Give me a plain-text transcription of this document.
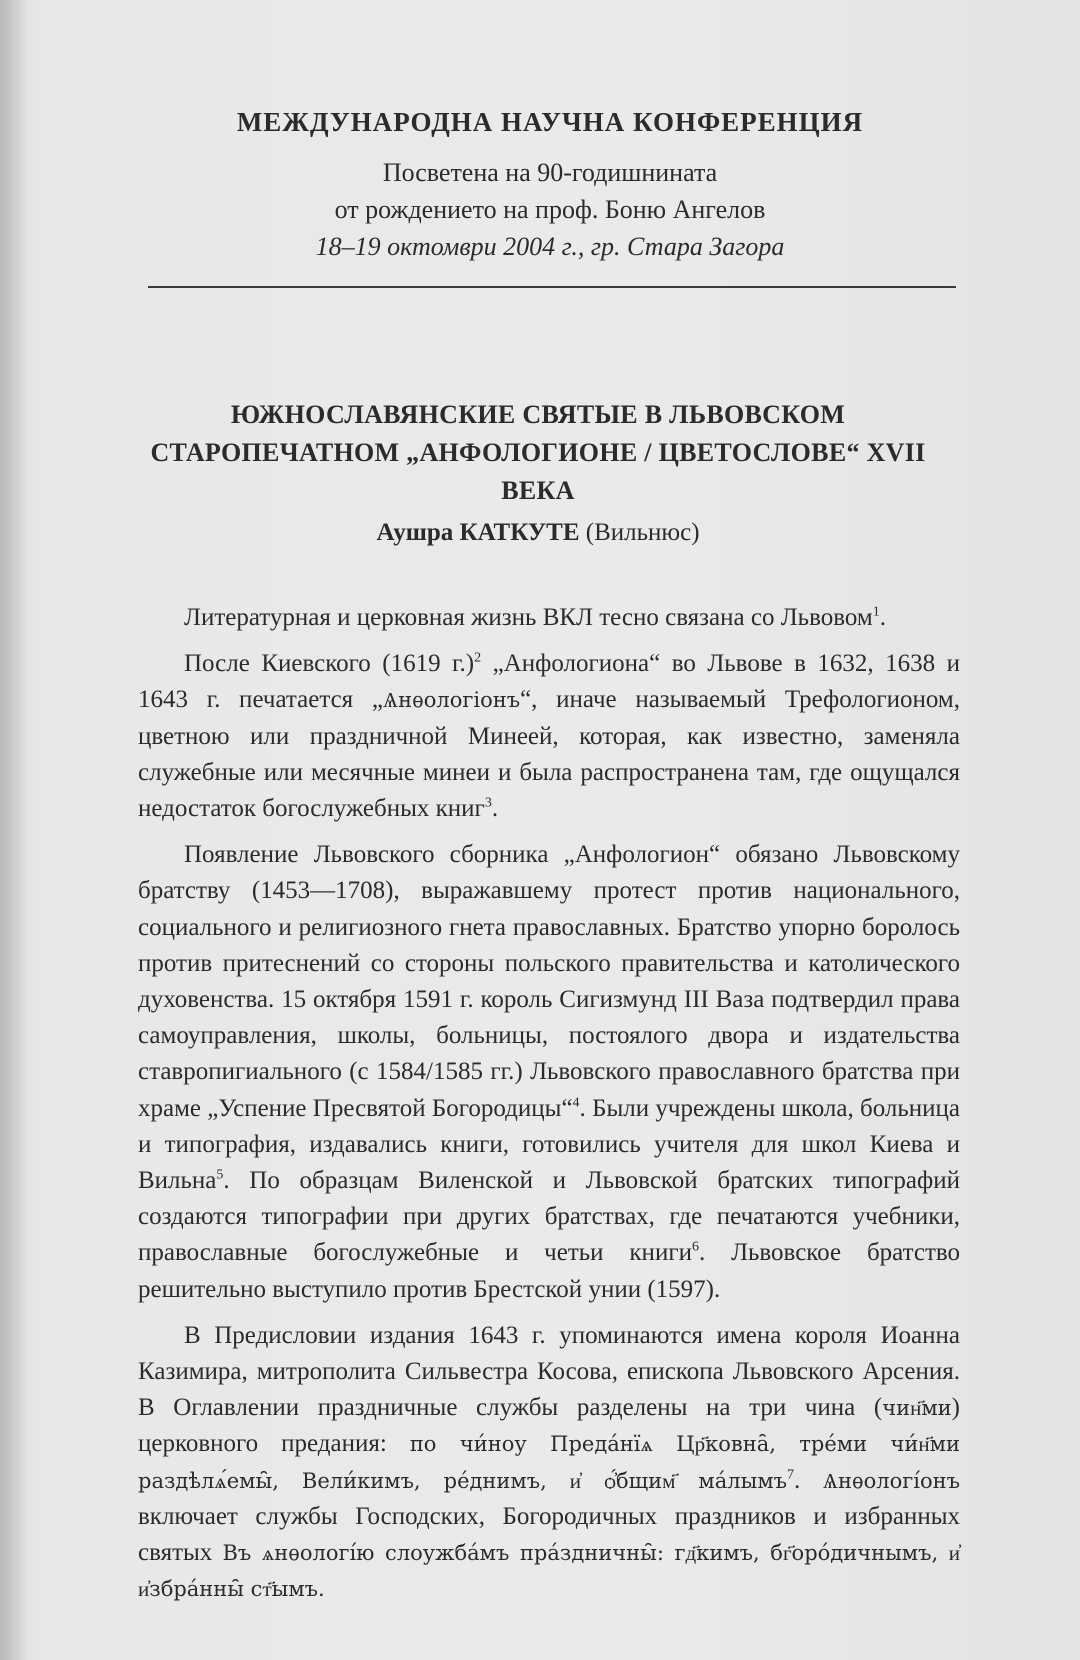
МЕЖДУНАРОДНА НАУЧНА КОНФЕРЕНЦИЯ
Посветена на 90-годишнината
от рождението на проф. Боню Ангелов
18–19 октомври 2004 г., гр. Стара Загора
ЮЖНОСЛАВЯНСКИЕ СВЯТЫЕ В ЛЬВОВСКОМ
СТАРОПЕЧАТНОМ „АНФОЛОГИОНЕ / ЦВЕТОСЛОВЕ“ XVII
ВЕКА
Аушра КАТКУТЕ (Вильнюс)

Литературная и церковная жизнь ВКЛ тесно связана со Львовом$^1$.

После Киевского (1619 г.)$^2$ „Анфологиона“ во Львове в 1632, 1638 и 1643 г. печатается „Ѧнѳологіонъ“, иначе называемый Трефологионом, цветною или праздничной Минеей, которая, как известно, заменяла служебные или месячные минеи и была распространена там, где ощущался недостаток богослужебных книг$^3$.

Появление Львовского сборника „Анфологион“ обязано Львовскому братству (1453—1708), выражавшему протест против национального, социального и религиозного гнета православных. Братство упорно боролось против притеснений со стороны польского правительства и католического духовенства. 15 октября 1591 г. король Сигизмунд III Ваза подтвердил права самоуправления, школы, больницы, постоялого двора и издательства ставропигиального (с 1584/1585 гг.) Львовского православного братства при храме „Успение Пресвятой Богородицы“$^4$. Были учреждены школа, больница и типография, издавались книги, готовились учителя для школ Киева и Вильна$^5$. По образцам Виленской и Львовской братских типографий создаются типографии при других братствах, где печатаются учебники, православные богослужебные и четьи книги$^6$. Львовское братство решительно выступило против Брестской унии (1597).

В Предисловии издания 1643 г. упоминаются имена короля Иоанна Казимира, митрополита Сильвестра Косова, епископа Львовского Арсения. В Оглавлении праздничные службы разделены на три чина (чин҃ми) церковного предания: по чи́ноу Преда́нїѧ Цр҃ковна̑, тре́ми чи́н҃ми раздѣлѧ́емы̑, Вели́кимъ, ре́днимъ, и҆ ѻ҆́бщим҃ ма́лымъ$^7$. Ѧнѳологі́онъ включает службы Господских, Богородичных праздников и избранных святых Въ ѧнѳологі́ю слоужба́мъ пра́здничны̑: гд҃кимъ, бг҃оро́дичнымъ, и҆ и҆збра́нны̑ ст҃ымъ.
